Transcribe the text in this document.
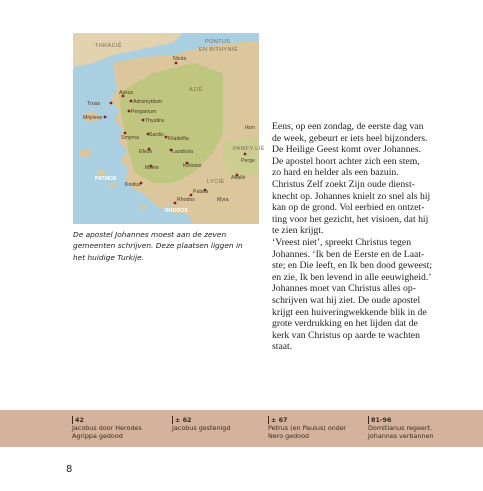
THRACIË
PONTUS
EN BITHYNIË
Nicéa
AZIË
Assus
Troas	Adramyttium
Pergamum
Mitylene	Thyatira
Smyrna Sardis
Filadelfia
Efeze	Laodicéa
Kolosse
PAMFY-LIË
Perge
Milete
PATMOS
Knidus	LYCIË
Attalië
Patara
Myra
Rhodos
RHODOS
Ikon
De apostel Johannes moest aan de zeven
gemeenten schrijven. Deze plaatsen liggen in
het huidige Turkije.
Eens, op een zondag, de eerste dag van
de week, gebeurt er iets heel bijzonders.
De Heilige Geest komt over Johannes.
De apostel hoort achter zich een stem,
zo hard en helder als een bazuin.
Christus Zelf zoekt Zijn oude dienst-
knecht op. Johannes knielt zo snel als hij
kan op de grond. Vol eerbied en ontzet-
ting voor het gezicht, het visioen, dat hij
te zien krijgt.
‘Vreest niet’, spreekt Christus tegen
Johannes. ‘Ik ben de Eerste en de Laat-
ste; en Die leeft, en Ik ben dood geweest;
en zie, Ik ben levend in alle eeuwigheid.’
Johannes moet van Christus alles op-
schrijven wat hij ziet. De oude apostel
krijgt een huiveringwekkende blik in de
grote verdrukking en het lijden dat de
kerk van Christus op aarde te wachten
staat.
42
Jacobus door Herodes
Agrippa gedood
± 62
Jacobus gestenigd
± 67
Petrus (en Paulus) onder
Nero gedood
81-96
Domitianus regeert.
Johannes verbannen
8
